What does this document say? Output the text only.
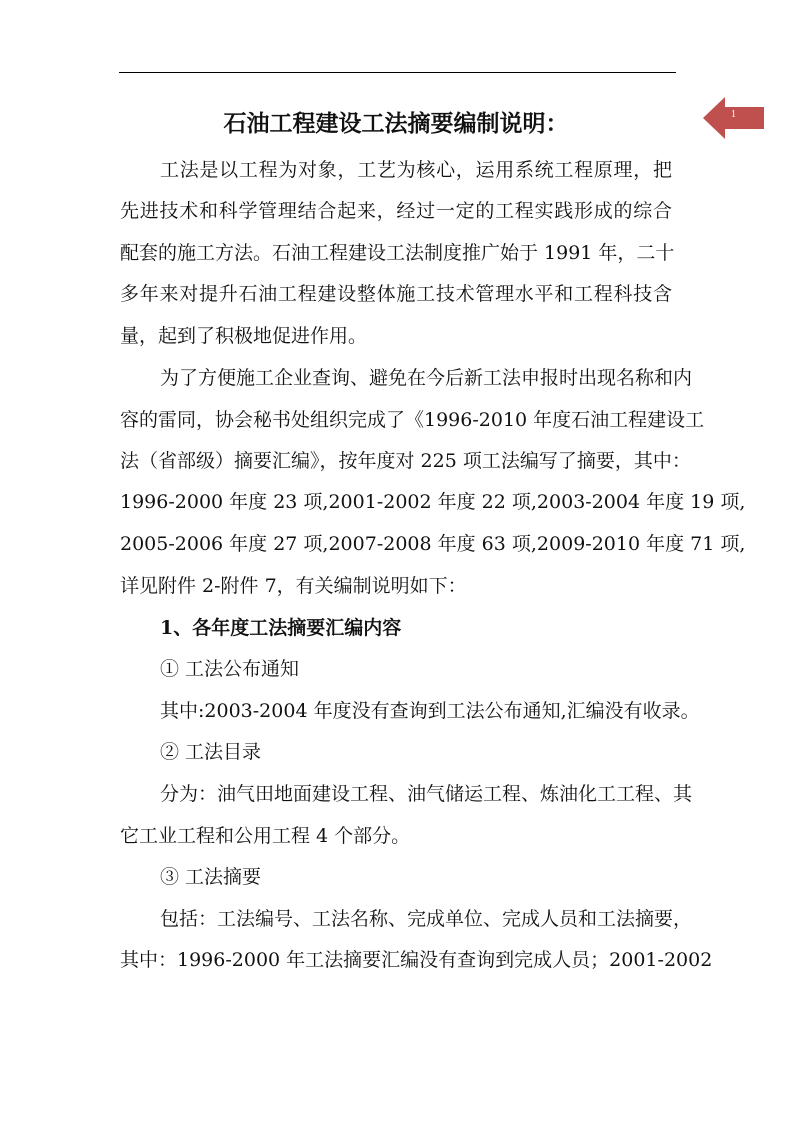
1
石油工程建设工法摘要编制说明：
工法是以工程为对象，工艺为核心，运用系统工程原理，把
先进技术和科学管理结合起来，经过一定的工程实践形成的综合
配套的施工方法。石油工程建设工法制度推广始于 1991 年，二十
多年来对提升石油工程建设整体施工技术管理水平和工程科技含
量，起到了积极地促进作用。
为了方便施工企业查询、避免在今后新工法申报时出现名称和内
容的雷同，协会秘书处组织完成了《1996-2010 年度石油工程建设工
法（省部级）摘要汇编》，按年度对 225 项工法编写了摘要，其中：
1996-2000 年度 23 项,2001-2002 年度 22 项,2003-2004 年度 19 项,
2005-2006 年度 27 项,2007-2008 年度 63 项,2009-2010 年度 71 项,
详见附件 2-附件 7，有关编制说明如下：
1、各年度工法摘要汇编内容
① 工法公布通知
其中:2003-2004 年度没有查询到工法公布通知,汇编没有收录。
② 工法目录
分为：油气田地面建设工程、油气储运工程、炼油化工工程、其
它工业工程和公用工程 4 个部分。
③ 工法摘要
包括：工法编号、工法名称、完成单位、完成人员和工法摘要，
其中：1996-2000 年工法摘要汇编没有查询到完成人员；2001-2002
